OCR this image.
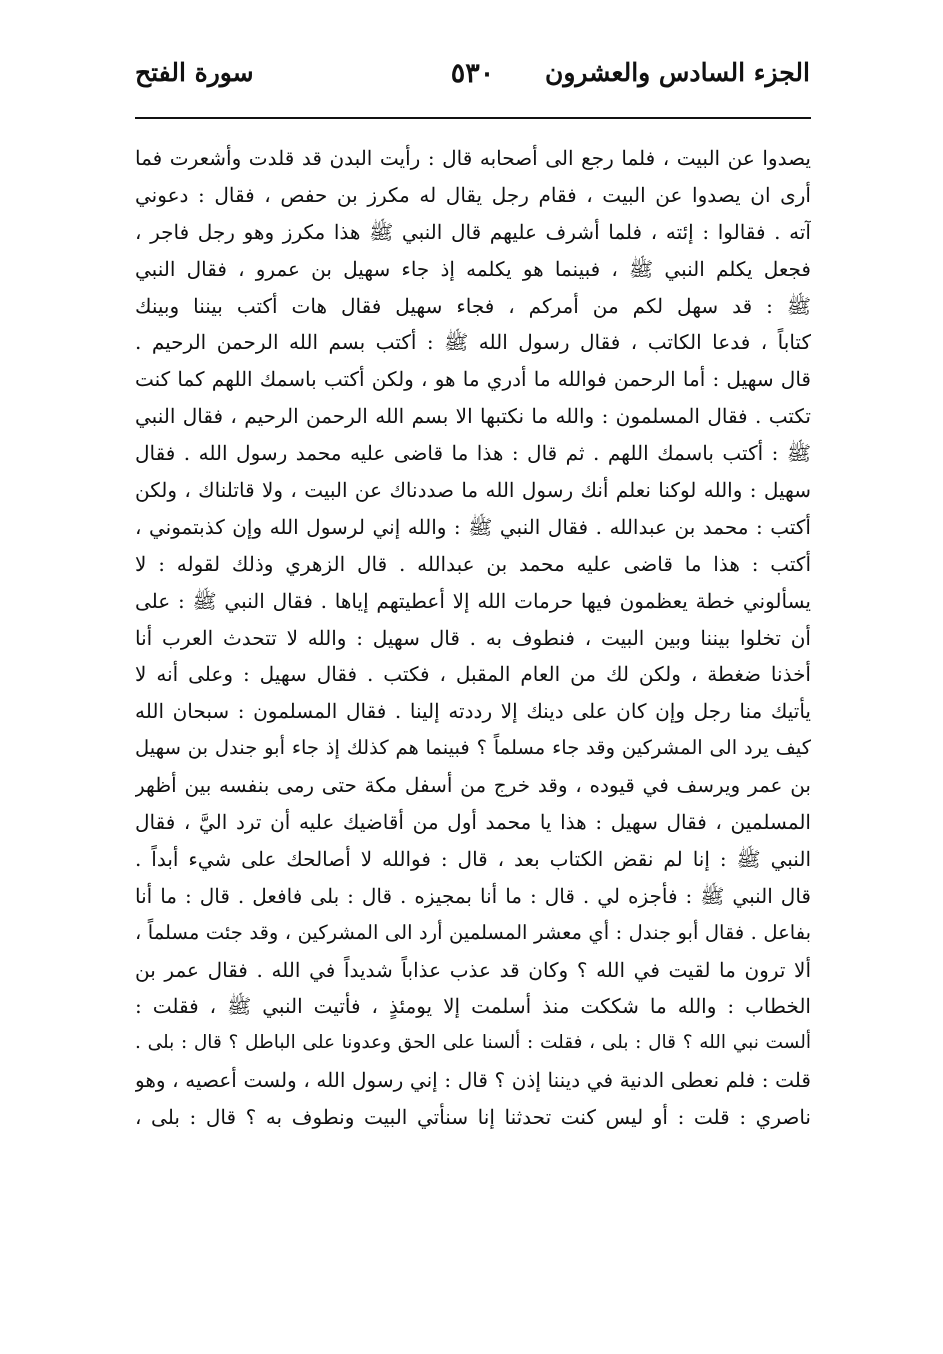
الجزء السادس والعشرون
٥٣٠
سورة الفتح
يصدوا عن البيت ، فلما رجع الى أصحابه قال : رأيت البدن قد قلدت وأشعرت فما
أرى ان يصدوا عن البيت ، فقام رجل يقال له مكرز بن حفص ، فقال : دعوني
آته . فقالوا : إئته ، فلما أشرف عليهم قال النبي ﷺ هذا مكرز وهو رجل فاجر ،
فجعل يكلم النبي ﷺ ، فبينما هو يكلمه إذ جاء سهيل بن عمرو ، فقال النبي
ﷺ : قد سهل لكم من أمركم ، فجاء سهيل فقال هات أكتب بيننا وبينك
كتاباً ، فدعا الكاتب ، فقال رسول الله ﷺ : أكتب بسم الله الرحمن الرحيم .
قال سهيل : أما الرحمن فوالله ما أدري ما هو ، ولكن أكتب باسمك اللهم كما كنت
تكتب . فقال المسلمون : والله ما نكتبها الا بسم الله الرحمن الرحيم ، فقال النبي
ﷺ : أكتب باسمك اللهم . ثم قال : هذا ما قاضى عليه محمد رسول الله . فقال
سهيل : والله لوكنا نعلم أنك رسول الله ما صددناك عن البيت ، ولا قاتلناك ، ولكن
أكتب : محمد بن عبدالله . فقال النبي ﷺ : والله إني لرسول الله وإن كذبتموني ،
أكتب : هذا ما قاضى عليه محمد بن عبدالله . قال الزهري وذلك لقوله : لا
يسألوني خطة يعظمون فيها حرمات الله إلا أعطيتهم إياها . فقال النبي ﷺ : على
أن تخلوا بيننا وبين البيت ، فنطوف به . قال سهيل : والله لا تتحدث العرب أنا
أخذنا ضغطة ، ولكن لك من العام المقبل ، فكتب . فقال سهيل : وعلى أنه لا
يأتيك منا رجل وإن كان على دينك إلا رددته إلينا . فقال المسلمون : سبحان الله
كيف يرد الى المشركين وقد جاء مسلماً ؟ فبينما هم كذلك إذ جاء أبو جندل بن سهيل
بن عمر ويرسف في قيوده ، وقد خرج من أسفل مكة حتى رمى بنفسه بين أظهر
المسلمين ، فقال سهيل : هذا يا محمد أول من أقاضيك عليه أن ترد اليَّ ، فقال
النبي ﷺ : إنا لم نقض الكتاب بعد ، قال : فوالله لا أصالحك على شيء أبداً .
قال النبي ﷺ : فأجزه لي . قال : ما أنا بمجيزه . قال : بلى فافعل . قال : ما أنا
بفاعل . فقال أبو جندل : أي معشر المسلمين أرد الى المشركين ، وقد جئت مسلماً ،
ألا ترون ما لقيت في الله ؟ وكان قد عذب عذاباً شديداً في الله . فقال عمر بن
الخطاب : والله ما شككت منذ أسلمت إلا يومئذٍ ، فأتيت النبي ﷺ ، فقلت :
ألست نبي الله ؟ قال : بلى ، فقلت : ألسنا على الحق وعدونا على الباطل ؟ قال : بلى .
قلت : فلم نعطى الدنية في ديننا إذن ؟ قال : إني رسول الله ، ولست أعصيه ، وهو
ناصري : قلت : أو ليس كنت تحدثنا إنا سنأتي البيت ونطوف به ؟ قال : بلى ،
